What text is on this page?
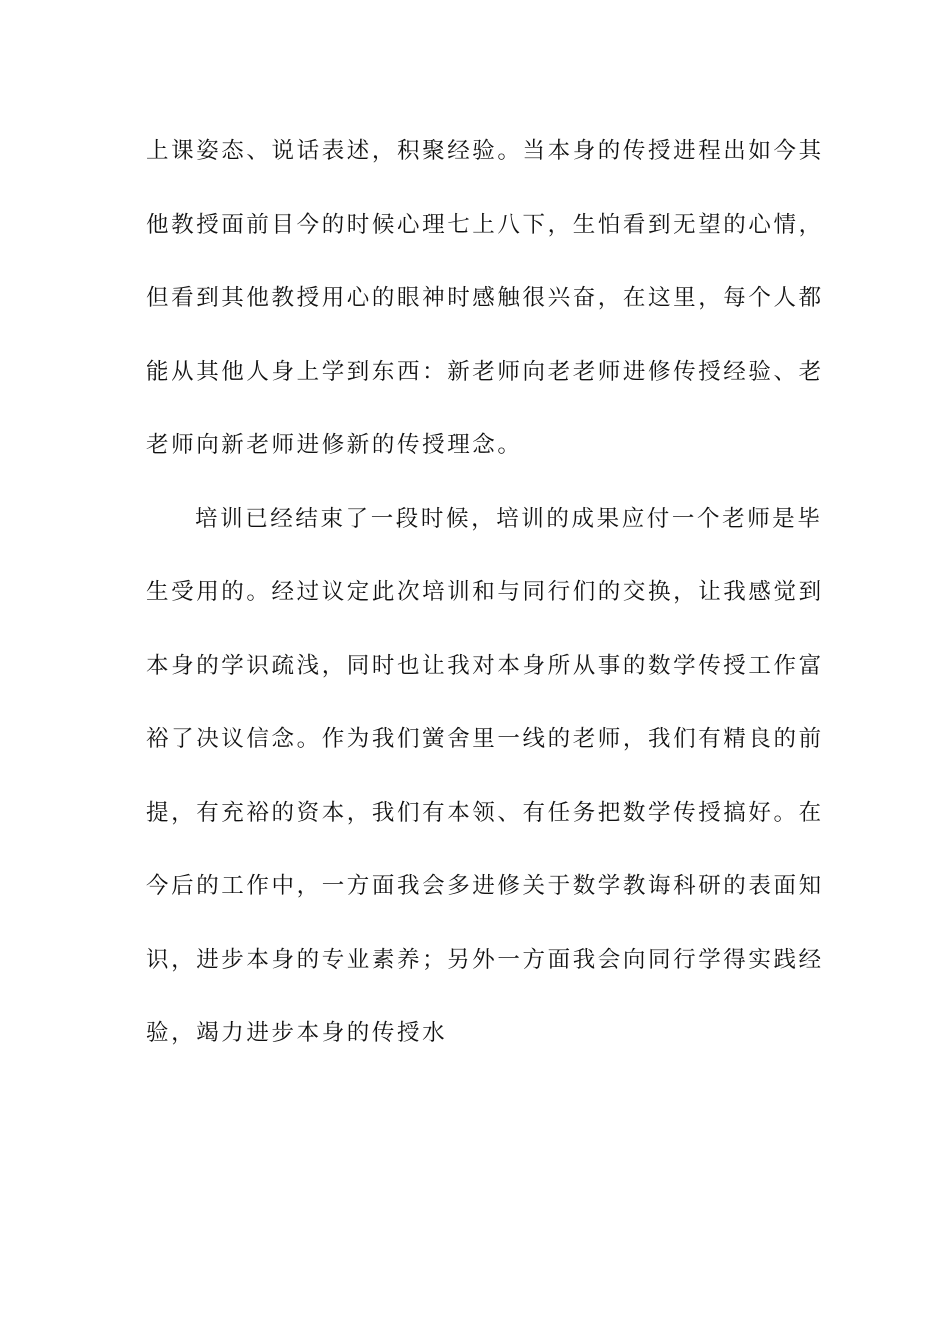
上课姿态、说话表述，积聚经验。当本身的传授进程出如今其
他教授面前目今的时候心理七上八下，生怕看到无望的心情，
但看到其他教授用心的眼神时感触很兴奋，在这里，每个人都
能从其他人身上学到东西：新老师向老老师进修传授经验、老
老师向新老师进修新的传授理念。
培训已经结束了一段时候，培训的成果应付一个老师是毕
生受用的。经过议定此次培训和与同行们的交换，让我感觉到
本身的学识疏浅，同时也让我对本身所从事的数学传授工作富
裕了决议信念。作为我们黉舍里一线的老师，我们有精良的前
提，有充裕的资本，我们有本领、有任务把数学传授搞好。在
今后的工作中，一方面我会多进修关于数学教诲科研的表面知
识，进步本身的专业素养；另外一方面我会向同行学得实践经
验，竭力进步本身的传授水
